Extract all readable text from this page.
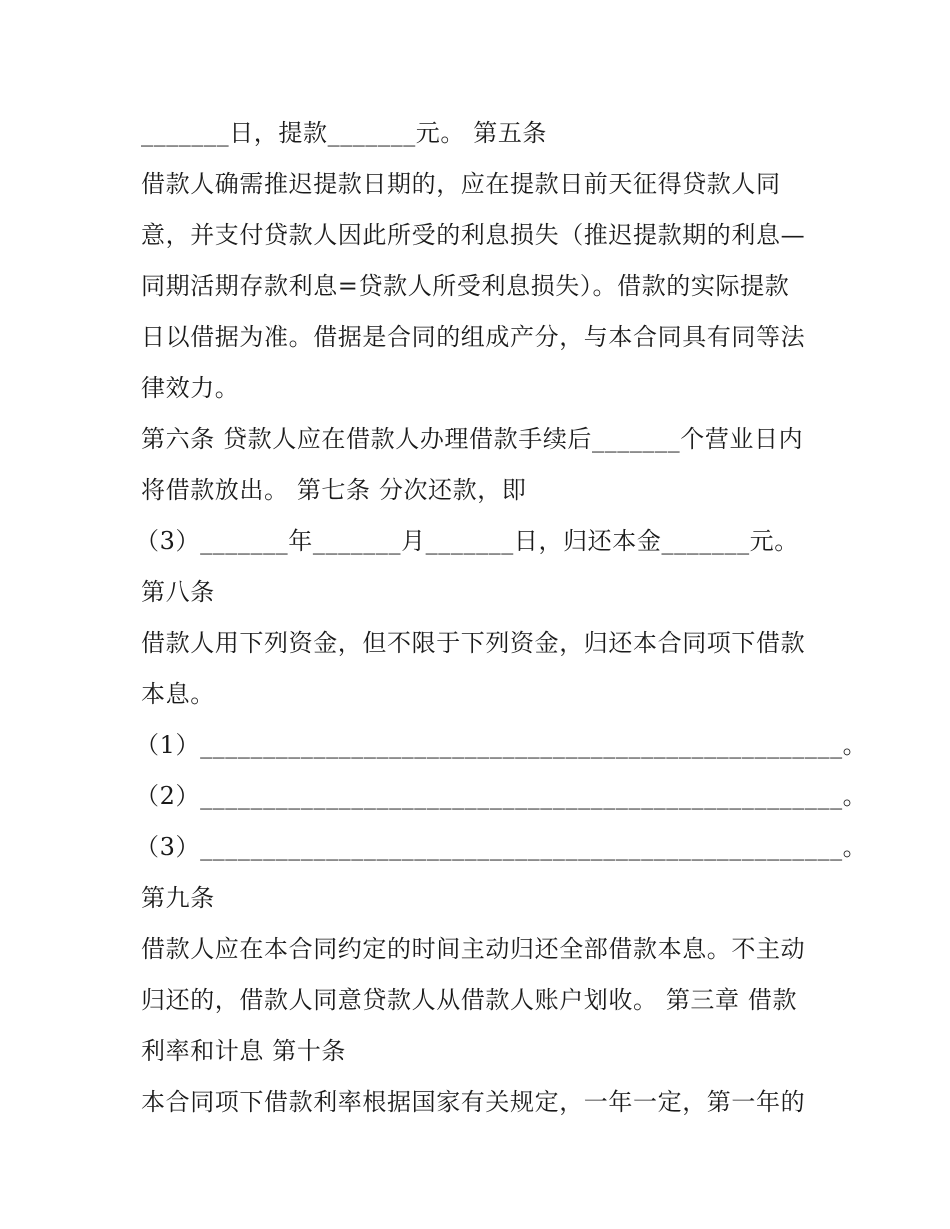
_______日，提款_______元。 第五条
借款人确需推迟提款日期的，应在提款日前天征得贷款人同
意，并支付贷款人因此所受的利息损失（推迟提款期的利息—
同期活期存款利息=贷款人所受利息损失）。借款的实际提款
日以借据为准。借据是合同的组成产分，与本合同具有同等法
律效力。
第六条 贷款人应在借款人办理借款手续后_______个营业日内
将借款放出。 第七条 分次还款，即
（3）_______年_______月_______日，归还本金_______元。
第八条
借款人用下列资金，但不限于下列资金，归还本合同项下借款
本息。
（1）___________________________________________________。
（2）___________________________________________________。
（3）___________________________________________________。
第九条
借款人应在本合同约定的时间主动归还全部借款本息。不主动
归还的，借款人同意贷款人从借款人账户划收。 第三章 借款
利率和计息 第十条
本合同项下借款利率根据国家有关规定，一年一定，第一年的
